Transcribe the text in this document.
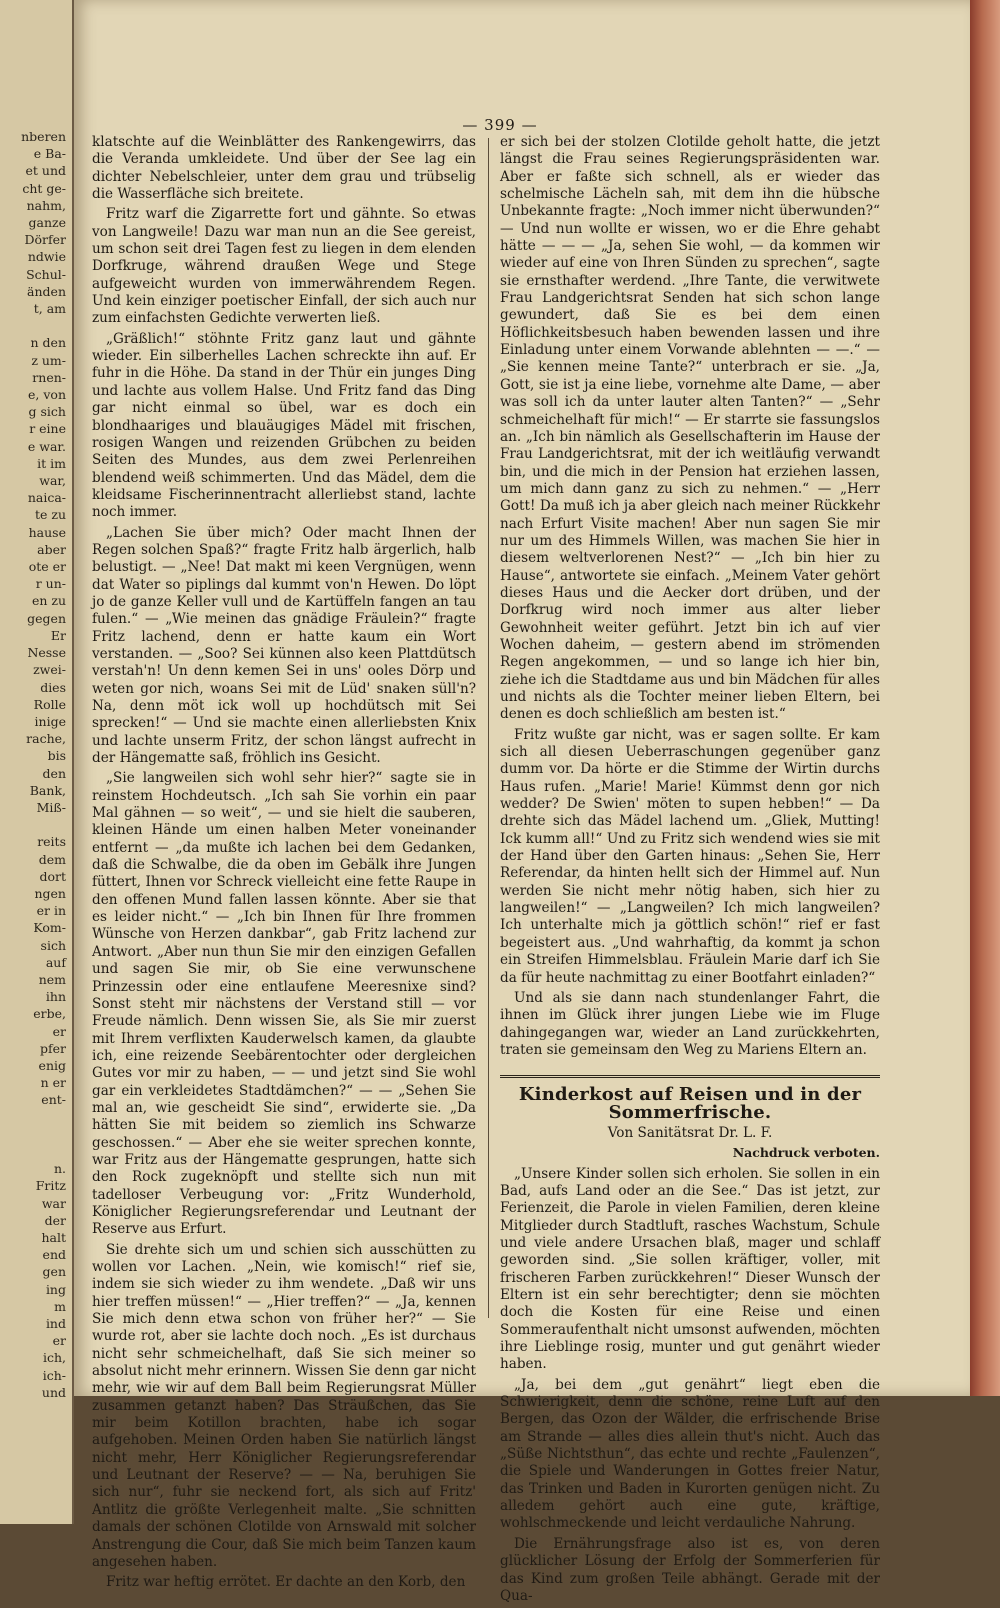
nberen
e Ba-
et und
cht ge-
nahm,
ganze
Dörfer
ndwie
Schul-
änden
t, am

n den
z um-
rnen-
e, von
g sich
r eine
e war.
it im
war,
naica-
te zu
hause
aber
ote er
r un-
en zu
gegen
Er
Nesse
zwei-
dies
Rolle
inige
rache,
bis
den
Bank,
Miß-

reits
dem
dort
ngen
er in
Kom-
sich
auf
nem
ihn
erbe,
er
pfer
enig
n er
ent-

n.
Fritz
war
der
halt
end
gen
ing
m
ind
er
ich,
ich-
und
— 399 —

klatschte auf die Weinblätter des Rankengewirrs, das die Veranda umkleidete. Und über der See lag ein dichter Nebelschleier, unter dem grau und trübselig die Wasserfläche sich breitete.

Fritz warf die Zigarrette fort und gähnte. So etwas von Langweile! Dazu war man nun an die See gereist, um schon seit drei Tagen fest zu liegen in dem elenden Dorfkruge, während draußen Wege und Stege aufgeweicht wurden von immerwährendem Regen. Und kein einziger poetischer Einfall, der sich auch nur zum einfachsten Gedichte verwerten ließ.

„Gräßlich!“ stöhnte Fritz ganz laut und gähnte wieder. Ein silberhelles Lachen schreckte ihn auf. Er fuhr in die Höhe. Da stand in der Thür ein junges Ding und lachte aus vollem Halse. Und Fritz fand das Ding gar nicht einmal so übel, war es doch ein blondhaariges und blauäugiges Mädel mit frischen, rosigen Wangen und reizenden Grübchen zu beiden Seiten des Mundes, aus dem zwei Perlenreihen blendend weiß schimmerten. Und das Mädel, dem die kleidsame Fischerinnentracht allerliebst stand, lachte noch immer.

„Lachen Sie über mich? Oder macht Ihnen der Regen solchen Spaß?“ fragte Fritz halb ärgerlich, halb belustigt. — „Nee! Dat makt mi keen Vergnügen, wenn dat Water so piplings dal kummt von'n Hewen. Do löpt jo de ganze Keller vull und de Kartüffeln fangen an tau fulen.“ — „Wie meinen das gnädige Fräulein?“ fragte Fritz lachend, denn er hatte kaum ein Wort verstanden. — „Soo? Sei künnen also keen Plattdütsch verstah'n! Un denn kemen Sei in uns' ooles Dörp und weten gor nich, woans Sei mit de Lüd' snaken süll'n? Na, denn möt ick woll up hochdütsch mit Sei sprecken!“ — Und sie machte einen allerliebsten Knix und lachte unserm Fritz, der schon längst aufrecht in der Hängematte saß, fröhlich ins Gesicht.

„Sie langweilen sich wohl sehr hier?“ sagte sie in reinstem Hochdeutsch. „Ich sah Sie vorhin ein paar Mal gähnen — so weit“, — und sie hielt die sauberen, kleinen Hände um einen halben Meter voneinander entfernt — „da mußte ich lachen bei dem Gedanken, daß die Schwalbe, die da oben im Gebälk ihre Jungen füttert, Ihnen vor Schreck vielleicht eine fette Raupe in den offenen Mund fallen lassen könnte. Aber sie that es leider nicht.“ — „Ich bin Ihnen für Ihre frommen Wünsche von Herzen dankbar“, gab Fritz lachend zur Antwort. „Aber nun thun Sie mir den einzigen Gefallen und sagen Sie mir, ob Sie eine verwunschene Prinzessin oder eine entlaufene Meeresnixe sind? Sonst steht mir nächstens der Verstand still — vor Freude nämlich. Denn wissen Sie, als Sie mir zuerst mit Ihrem verflixten Kauderwelsch kamen, da glaubte ich, eine reizende Seebärentochter oder dergleichen Gutes vor mir zu haben, — — und jetzt sind Sie wohl gar ein verkleidetes Stadtdämchen?“ — — „Sehen Sie mal an, wie gescheidt Sie sind“, erwiderte sie. „Da hätten Sie mit beidem so ziemlich ins Schwarze geschossen.“ — Aber ehe sie weiter sprechen konnte, war Fritz aus der Hängematte gesprungen, hatte sich den Rock zugeknöpft und stellte sich nun mit tadelloser Verbeugung vor: „Fritz Wunderhold, Königlicher Regierungsreferendar und Leutnant der Reserve aus Erfurt.

Sie drehte sich um und schien sich ausschütten zu wollen vor Lachen. „Nein, wie komisch!“ rief sie, indem sie sich wieder zu ihm wendete. „Daß wir uns hier treffen müssen!“ — „Hier treffen?“ — „Ja, kennen Sie mich denn etwa schon von früher her?“ — Sie wurde rot, aber sie lachte doch noch. „Es ist durchaus nicht sehr schmeichelhaft, daß Sie sich meiner so absolut nicht mehr erinnern. Wissen Sie denn gar nicht mehr, wie wir auf dem Ball beim Regierungsrat Müller zusammen getanzt haben? Das Sträußchen, das Sie mir beim Kotillon brachten, habe ich sogar aufgehoben. Meinen Orden haben Sie natürlich längst nicht mehr, Herr Königlicher Regierungsreferendar und Leutnant der Reserve? — — Na, beruhigen Sie sich nur“, fuhr sie neckend fort, als sich auf Fritz' Antlitz die größte Verlegenheit malte. „Sie schnitten damals der schönen Clotilde von Arnswald mit solcher Anstrengung die Cour, daß Sie mich beim Tanzen kaum angesehen haben.

Fritz war heftig errötet. Er dachte an den Korb, den

er sich bei der stolzen Clotilde geholt hatte, die jetzt längst die Frau seines Regierungspräsidenten war. Aber er faßte sich schnell, als er wieder das schelmische Lächeln sah, mit dem ihn die hübsche Unbekannte fragte: „Noch immer nicht überwunden?“ — Und nun wollte er wissen, wo er die Ehre gehabt hätte — — — „Ja, sehen Sie wohl, — da kommen wir wieder auf eine von Ihren Sünden zu sprechen“, sagte sie ernsthafter werdend. „Ihre Tante, die verwitwete Frau Landgerichtsrat Senden hat sich schon lange gewundert, daß Sie es bei dem einen Höflichkeitsbesuch haben bewenden lassen und ihre Einladung unter einem Vorwande ablehnten — —.“ — „Sie kennen meine Tante?“ unterbrach er sie. „Ja, Gott, sie ist ja eine liebe, vornehme alte Dame, — aber was soll ich da unter lauter alten Tanten?“ — „Sehr schmeichelhaft für mich!“ — Er starrte sie fassungslos an. „Ich bin nämlich als Gesellschafterin im Hause der Frau Landgerichtsrat, mit der ich weitläufig verwandt bin, und die mich in der Pension hat erziehen lassen, um mich dann ganz zu sich zu nehmen.“ — „Herr Gott! Da muß ich ja aber gleich nach meiner Rückkehr nach Erfurt Visite machen! Aber nun sagen Sie mir nur um des Himmels Willen, was machen Sie hier in diesem weltverlorenen Nest?“ — „Ich bin hier zu Hause“, antwortete sie einfach. „Meinem Vater gehört dieses Haus und die Aecker dort drüben, und der Dorfkrug wird noch immer aus alter lieber Gewohnheit weiter geführt. Jetzt bin ich auf vier Wochen daheim, — gestern abend im strömenden Regen angekommen, — und so lange ich hier bin, ziehe ich die Stadtdame aus und bin Mädchen für alles und nichts als die Tochter meiner lieben Eltern, bei denen es doch schließlich am besten ist.“

Fritz wußte gar nicht, was er sagen sollte. Er kam sich all diesen Ueberraschungen gegenüber ganz dumm vor. Da hörte er die Stimme der Wirtin durchs Haus rufen. „Marie! Marie! Kümmst denn gor nich wedder? De Swien' möten to supen hebben!“ — Da drehte sich das Mädel lachend um. „Gliek, Mutting! Ick kumm all!“ Und zu Fritz sich wendend wies sie mit der Hand über den Garten hinaus: „Sehen Sie, Herr Referendar, da hinten hellt sich der Himmel auf. Nun werden Sie nicht mehr nötig haben, sich hier zu langweilen!“ — „Langweilen? Ich mich langweilen? Ich unterhalte mich ja göttlich schön!“ rief er fast begeistert aus. „Und wahrhaftig, da kommt ja schon ein Streifen Himmelsblau. Fräulein Marie darf ich Sie da für heute nachmittag zu einer Bootfahrt einladen?“

Und als sie dann nach stundenlanger Fahrt, die ihnen im Glück ihrer jungen Liebe wie im Fluge dahingegangen war, wieder an Land zurückkehrten, traten sie gemeinsam den Weg zu Mariens Eltern an.

Kinderkost auf Reisen und in der Sommerfrische.
Von Sanitätsrat Dr. L. F.
Nachdruck verboten.

„Unsere Kinder sollen sich erholen. Sie sollen in ein Bad, aufs Land oder an die See.“ Das ist jetzt, zur Ferienzeit, die Parole in vielen Familien, deren kleine Mitglieder durch Stadtluft, rasches Wachstum, Schule und viele andere Ursachen blaß, mager und schlaff geworden sind. „Sie sollen kräftiger, voller, mit frischeren Farben zurückkehren!“ Dieser Wunsch der Eltern ist ein sehr berechtigter; denn sie möchten doch die Kosten für eine Reise und einen Sommeraufenthalt nicht umsonst aufwenden, möchten ihre Lieblinge rosig, munter und gut genährt wieder haben.

„Ja, bei dem „gut genährt“ liegt eben die Schwierigkeit, denn die schöne, reine Luft auf den Bergen, das Ozon der Wälder, die erfrischende Brise am Strande — alles dies allein thut's nicht. Auch das „Süße Nichtsthun“, das echte und rechte „Faulenzen“, die Spiele und Wanderungen in Gottes freier Natur, das Trinken und Baden in Kurorten genügen nicht. Zu alledem gehört auch eine gute, kräftige, wohlschmeckende und leicht verdauliche Nahrung.

Die Ernährungsfrage also ist es, von deren glücklicher Lösung der Erfolg der Sommerferien für das Kind zum großen Teile abhängt. Gerade mit der Qua-
